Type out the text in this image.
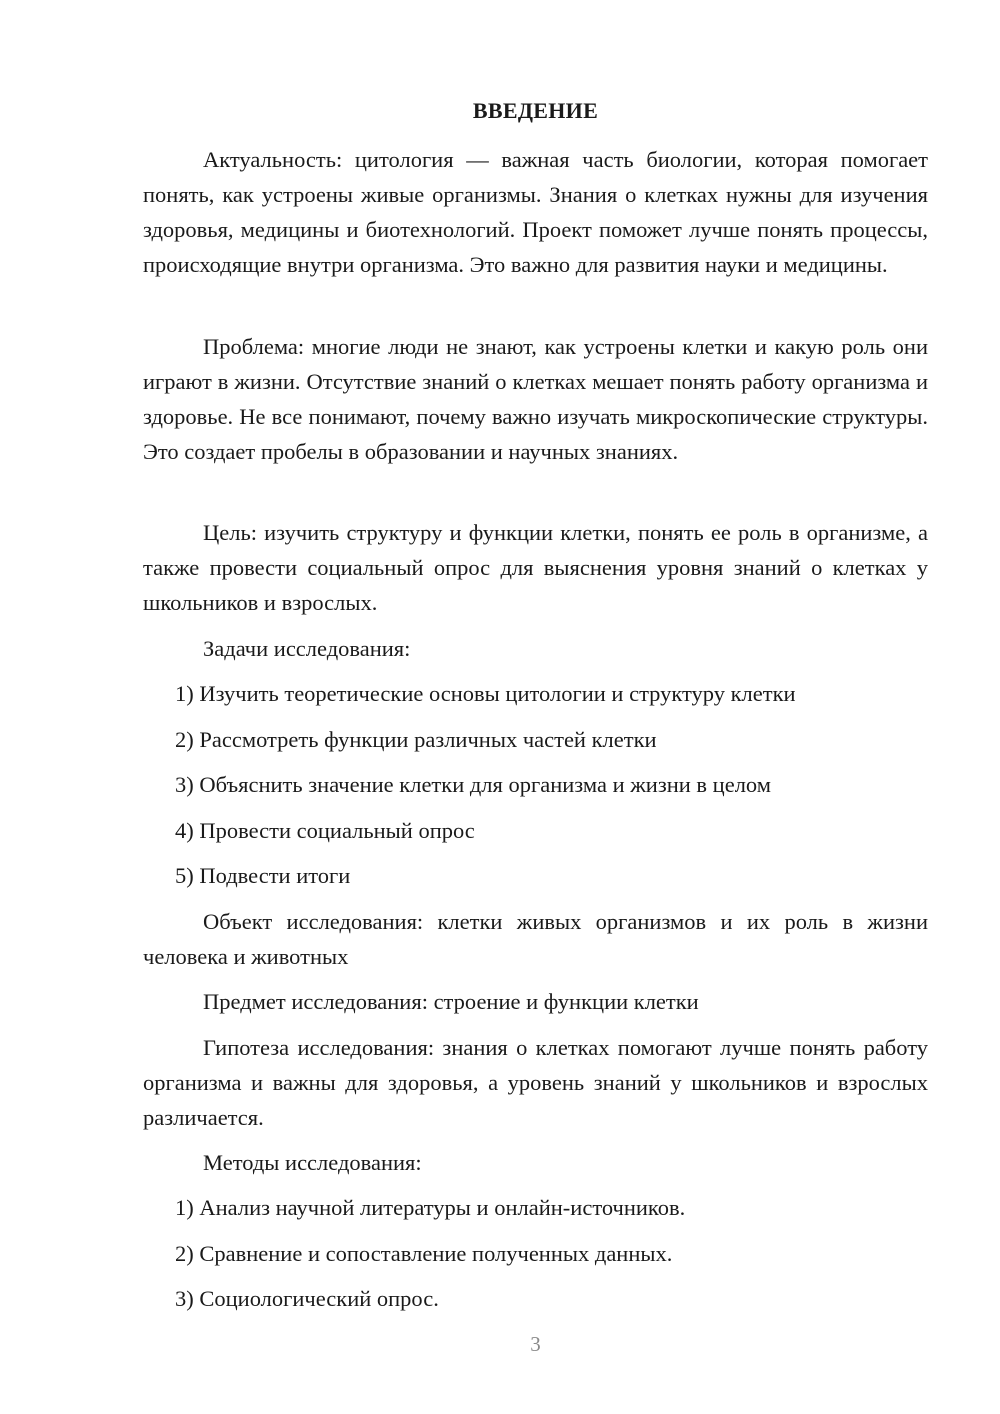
ВВЕДЕНИЕ
Актуальность: цитология — важная часть биологии, которая помогает понять, как устроены живые организмы. Знания о клетках нужны для изучения здоровья, медицины и биотехнологий. Проект поможет лучше понять процессы, происходящие внутри организма. Это важно для развития науки и медицины.
Проблема: многие люди не знают, как устроены клетки и какую роль они играют в жизни. Отсутствие знаний о клетках мешает понять работу организма и здоровье. Не все понимают, почему важно изучать микроскопические структуры. Это создает пробелы в образовании и научных знаниях.
Цель: изучить структуру и функции клетки, понять ее роль в организме, а также провести социальный опрос для выяснения уровня знаний о клетках у школьников и взрослых.
Задачи исследования:
1) Изучить теоретические основы цитологии и структуру клетки
2) Рассмотреть функции различных частей клетки
3) Объяснить значение клетки для организма и жизни в целом
4) Провести социальный опрос
5) Подвести итоги
Объект исследования: клетки живых организмов и их роль в жизни человека и животных
Предмет исследования: строение и функции клетки
Гипотеза исследования: знания о клетках помогают лучше понять работу организма и важны для здоровья, а уровень знаний у школьников и взрослых различается.
Методы исследования:
1) Анализ научной литературы и онлайн-источников.
2) Сравнение и сопоставление полученных данных.
3) Социологический опрос.
3
